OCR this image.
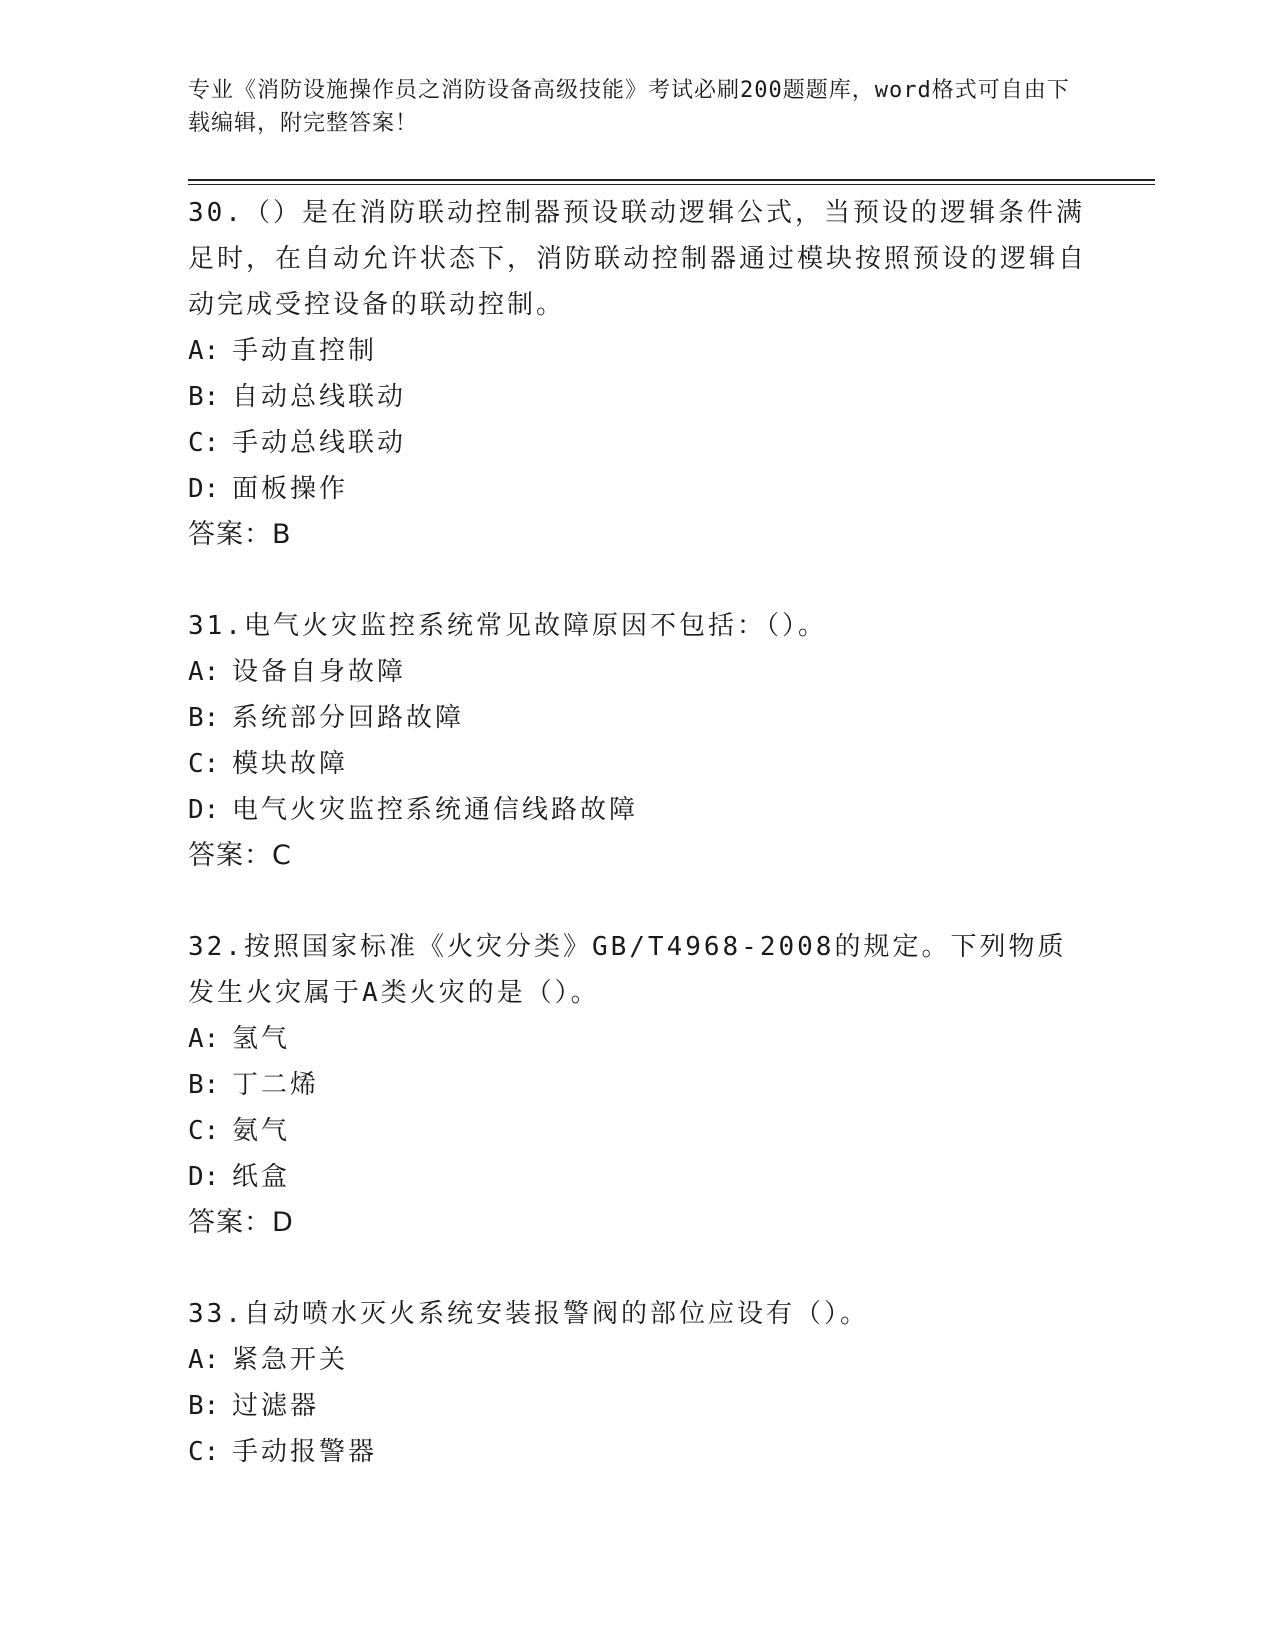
专业《消防设施操作员之消防设备高级技能》考试必刷200题题库，word格式可自由下载编辑，附完整答案！

30.（）是在消防联动控制器预设联动逻辑公式，当预设的逻辑条件满足时，在自动允许状态下，消防联动控制器通过模块按照预设的逻辑自动完成受控设备的联动控制。

A: 手动直控制

B: 自动总线联动

C: 手动总线联动

D: 面板操作

答案：B

31.电气火灾监控系统常见故障原因不包括：（）。

A: 设备自身故障

B: 系统部分回路故障

C: 模块故障

D: 电气火灾监控系统通信线路故障

答案：C

32.按照国家标准《火灾分类》GB/T4968-2008的规定。下列物质发生火灾属于A类火灾的是（）。

A: 氢气

B: 丁二烯

C: 氨气

D: 纸盒

答案：D

33.自动喷水灭火系统安装报警阀的部位应设有（）。

A: 紧急开关

B: 过滤器

C: 手动报警器
